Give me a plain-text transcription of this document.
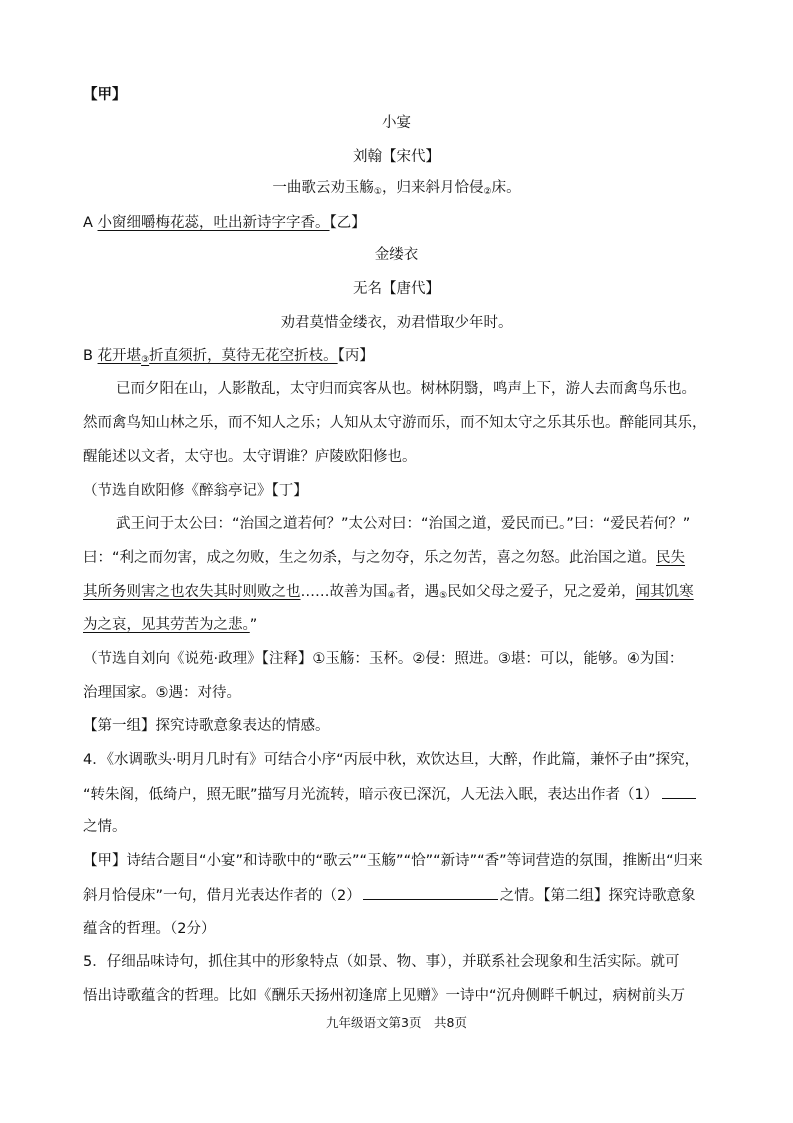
【甲】
小宴
刘翰【宋代】
一曲歌云劝玉觞$_①$，归来斜月恰侵$_②$床。
A 小窗细嚼梅花蕊，吐出新诗字字香。【乙】
金缕衣
无名【唐代】
劝君莫惜金缕衣，劝君惜取少年时。
B 花开堪$_③$折直须折，莫待无花空折枝。【丙】
已而夕阳在山，人影散乱，太守归而宾客从也。树林阴翳，鸣声上下，游人去而禽鸟乐也。
然而禽鸟知山林之乐，而不知人之乐；人知从太守游而乐，而不知太守之乐其乐也。醉能同其乐，
醒能述以文者，太守也。太守谓谁？庐陵欧阳修也。
（节选自欧阳修《醉翁亭记》【丁】
武王问于太公曰：“治国之道若何？”太公对曰：“治国之道，爱民而已。”曰：“爱民若何？”
曰：“利之而勿害，成之勿败，生之勿杀，与之勿夺，乐之勿苦，喜之勿怒。此治国之道。民失
其所务则害之也农失其时则败之也……故善为国$_④$者，遇$_⑤$民如父母之爱子，兄之爱弟，闻其饥寒
为之哀，见其劳苦为之悲。”
（节选自刘向《说苑·政理》【注释】①玉觞：玉杯。②侵：照进。③堪：可以，能够。④为国：
治理国家。⑤遇：对待。
【第一组】探究诗歌意象表达的情感。
4．《水调歌头·明月几时有》可结合小序“丙辰中秋，欢饮达旦，大醉，作此篇，兼怀子由”探究，
“转朱阁，低绮户，照无眠”描写月光流转，暗示夜已深沉，人无法入眠，表达出作者（1）
之情。
【甲】诗结合题目“小宴”和诗歌中的“歌云”“玉觞”“恰”“新诗”“香”等词营造的氛围，推断出“归来
斜月恰侵床”一句，借月光表达作者的（2）	之情。【第二组】探究诗歌意象
蕴含的哲理。（2分）
5．仔细品味诗句，抓住其中的形象特点（如景、物、事），并联系社会现象和生活实际。就可
悟出诗歌蕴含的哲理。比如《酬乐天扬州初逢席上见赠》一诗中“沉舟侧畔千帆过，病树前头万
九年级语文第3页　共8页
